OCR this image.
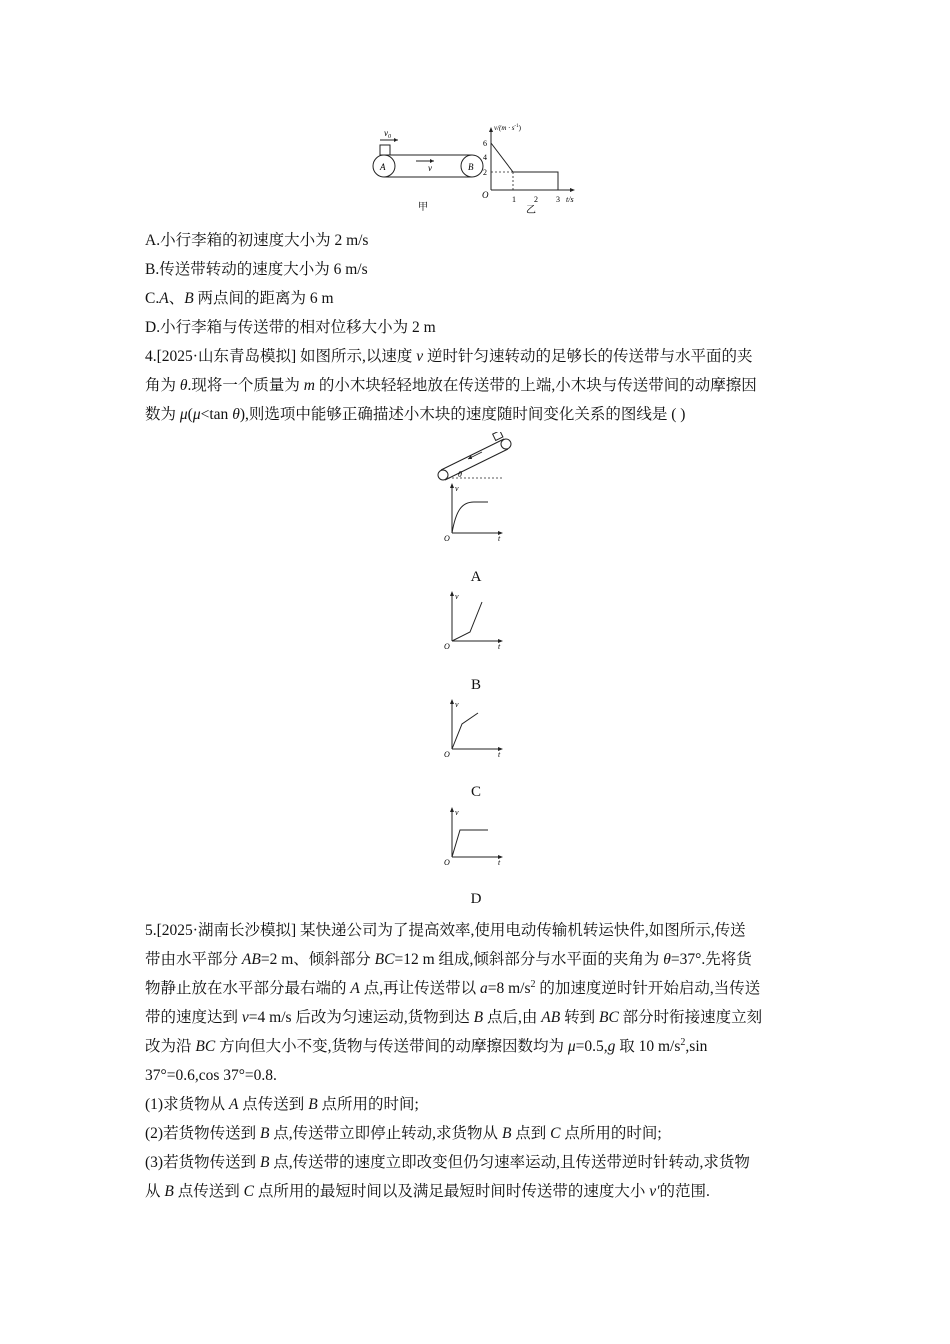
$v_0$
v
A	B
甲
$v/(m \cdot s^{-1})$
t/s
O
6
4
2
1 2 3
乙
A.小行李箱的初速度大小为 2 m/s
B.传送带转动的速度大小为 6 m/s
C.A、B 两点间的距离为 6 m
D.小行李箱与传送带的相对位移大小为 2 m
4.[2025·山东青岛模拟] 如图所示,以速度 v 逆时针匀速转动的足够长的传送带与水平面的夹
角为 θ.现将一个质量为 m 的小木块轻轻地放在传送带的上端,小木块与传送带间的动摩擦因
数为 μ(μ<tan θ),则选项中能够正确描述小木块的速度随时间变化关系的图线是 ( )
θ
v
t
O
A
v
t
O
B
v
t
O
C
v
t
O
D
5.[2025·湖南长沙模拟] 某快递公司为了提高效率,使用电动传输机转运快件,如图所示,传送
带由水平部分 AB=2 m、倾斜部分 BC=12 m 组成,倾斜部分与水平面的夹角为 θ=37°.先将货
物静止放在水平部分最右端的 A 点,再让传送带以 a=8 $m/s^2$ 的加速度逆时针开始启动,当传送
带的速度达到 v=4 m/s 后改为匀速运动,货物到达 B 点后,由 AB 转到 BC 部分时衔接速度立刻
改为沿 BC 方向但大小不变,货物与传送带间的动摩擦因数均为 μ=0.5,g 取 10 $m/s^2,\sin$
37°=0.6,cos 37°=0.8.
(1)求货物从 A 点传送到 B 点所用的时间;
(2)若货物传送到 B 点,传送带立即停止转动,求货物从 B 点到 C 点所用的时间;
(3)若货物传送到 B 点,传送带的速度立即改变但仍匀速率运动,且传送带逆时针转动,求货物
从 B 点传送到 C 点所用的最短时间以及满足最短时间时传送带的速度大小 v′的范围.
